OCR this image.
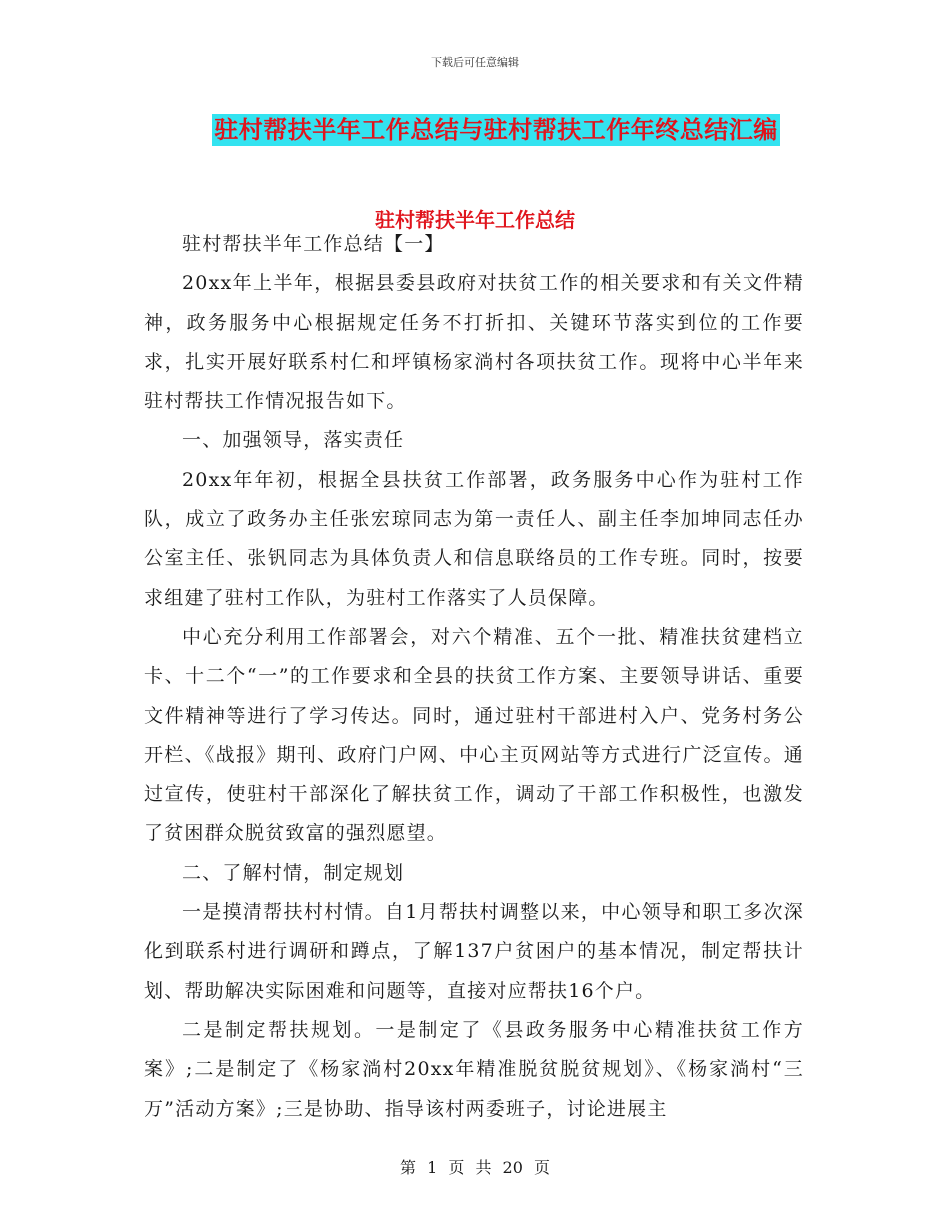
下载后可任意编辑
驻村帮扶半年工作总结与驻村帮扶工作年终总结汇编
驻村帮扶半年工作总结

驻村帮扶半年工作总结【一】

20xx年上半年，根据县委县政府对扶贫工作的相关要求和有关文件精神，政务服务中心根据规定任务不打折扣、关键环节落实到位的工作要求，扎实开展好联系村仁和坪镇杨家淌村各项扶贫工作。现将中心半年来驻村帮扶工作情况报告如下。

一、加强领导，落实责任

20xx年年初，根据全县扶贫工作部署，政务服务中心作为驻村工作队，成立了政务办主任张宏琼同志为第一责任人、副主任李加坤同志任办公室主任、张钒同志为具体负责人和信息联络员的工作专班。同时，按要求组建了驻村工作队，为驻村工作落实了人员保障。

中心充分利用工作部署会，对六个精准、五个一批、精准扶贫建档立卡、十二个“一”的工作要求和全县的扶贫工作方案、主要领导讲话、重要文件精神等进行了学习传达。同时，通过驻村干部进村入户、党务村务公开栏、《战报》期刊、政府门户网、中心主页网站等方式进行广泛宣传。通过宣传，使驻村干部深化了解扶贫工作，调动了干部工作积极性，也激发了贫困群众脱贫致富的强烈愿望。

二、了解村情，制定规划

一是摸清帮扶村村情。自1月帮扶村调整以来，中心领导和职工多次深化到联系村进行调研和蹲点，了解137户贫困户的基本情况，制定帮扶计划、帮助解决实际困难和问题等，直接对应帮扶16个户。

二是制定帮扶规划。一是制定了《县政务服务中心精准扶贫工作方案》;二是制定了《杨家淌村20xx年精准脱贫脱贫规划》、《杨家淌村“三万”活动方案》;三是协助、指导该村两委班子，讨论进展主

第 1 页 共 20 页
